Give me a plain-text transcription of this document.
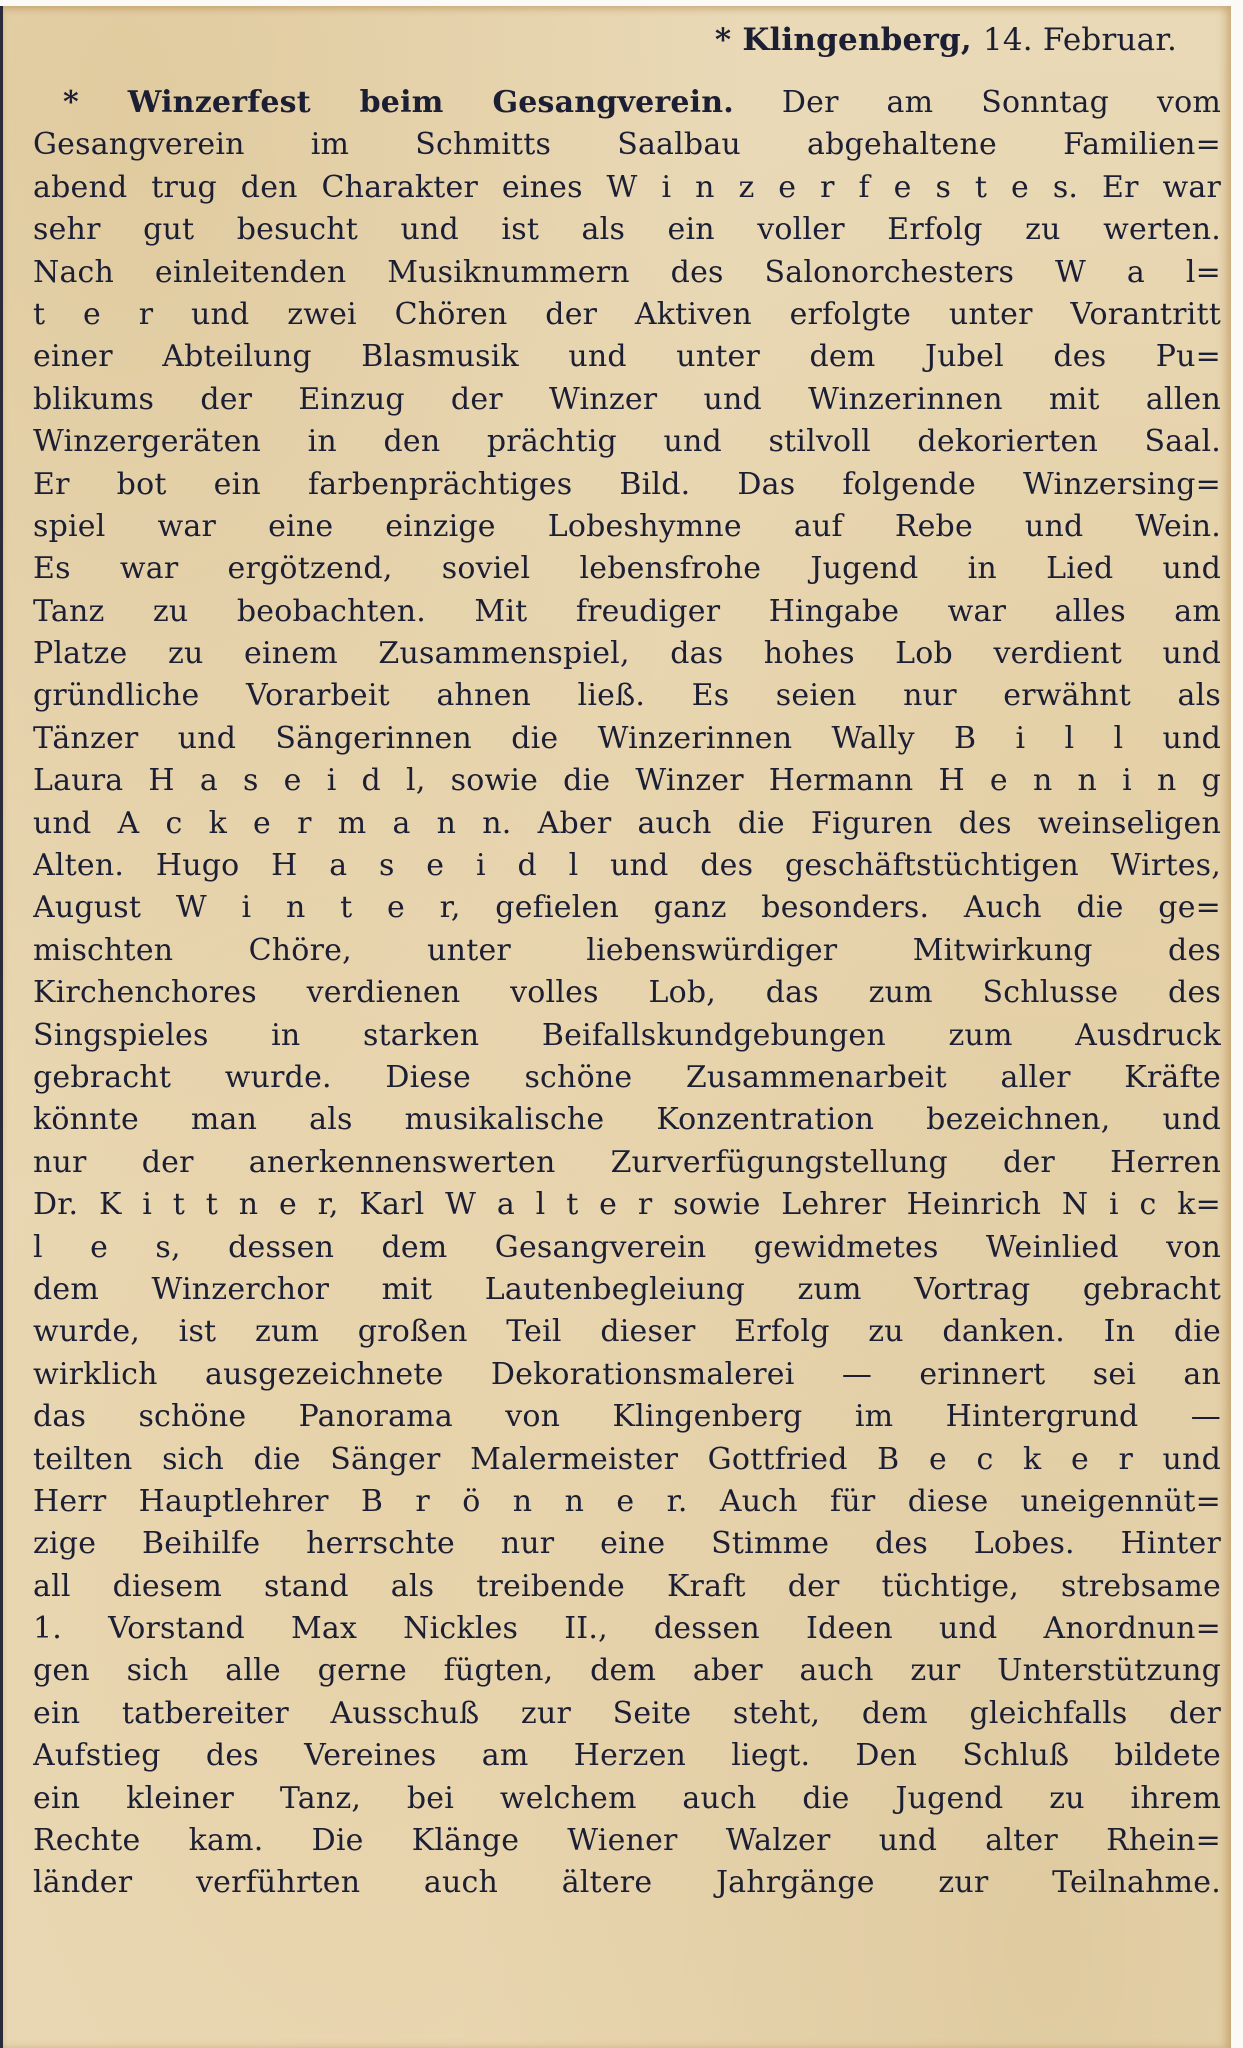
* Klingenberg, 14. Februar.
* Winzerfest beim Gesangverein. Der am Sonntag vom
Gesangverein im Schmitts Saalbau abgehaltene Familien=
abend trug den Charakter eines W i n z e r f e s t e s. Er war
sehr gut besucht und ist als ein voller Erfolg zu werten.
Nach einleitenden Musiknummern des Salonorchesters W a l=
t e r und zwei Chören der Aktiven erfolgte unter Vorantritt
einer Abteilung Blasmusik und unter dem Jubel des Pu=
blikums der Einzug der Winzer und Winzerinnen mit allen
Winzergeräten in den prächtig und stilvoll dekorierten Saal.
Er bot ein farbenprächtiges Bild. Das folgende Winzersing=
spiel war eine einzige Lobeshymne auf Rebe und Wein.
Es war ergötzend, soviel lebensfrohe Jugend in Lied und
Tanz zu beobachten. Mit freudiger Hingabe war alles am
Platze zu einem Zusammenspiel, das hohes Lob verdient und
gründliche Vorarbeit ahnen ließ. Es seien nur erwähnt als
Tänzer und Sängerinnen die Winzerinnen Wally B i l l und
Laura H a s e i d l, sowie die Winzer Hermann H e n n i n g
und A c k e r m a n n. Aber auch die Figuren des weinseligen
Alten. Hugo H a s e i d l und des geschäftstüchtigen Wirtes,
August W i n t e r, gefielen ganz besonders. Auch die ge=
mischten Chöre, unter liebenswürdiger Mitwirkung des
Kirchenchores verdienen volles Lob, das zum Schlusse des
Singspieles in starken Beifallskundgebungen zum Ausdruck
gebracht wurde. Diese schöne Zusammenarbeit aller Kräfte
könnte man als musikalische Konzentration bezeichnen, und
nur der anerkennenswerten Zurverfügungstellung der Herren
Dr. K i t t n e r, Karl W a l t e r sowie Lehrer Heinrich N i c k=
l e s, dessen dem Gesangverein gewidmetes Weinlied von
dem Winzerchor mit Lautenbegleiung zum Vortrag gebracht
wurde, ist zum großen Teil dieser Erfolg zu danken. In die
wirklich ausgezeichnete Dekorationsmalerei — erinnert sei an
das schöne Panorama von Klingenberg im Hintergrund —
teilten sich die Sänger Malermeister Gottfried B e c k e r und
Herr Hauptlehrer B r ö n n e r. Auch für diese uneigennüt=
zige Beihilfe herrschte nur eine Stimme des Lobes. Hinter
all diesem stand als treibende Kraft der tüchtige, strebsame
1. Vorstand Max Nickles II., dessen Ideen und Anordnun=
gen sich alle gerne fügten, dem aber auch zur Unterstützung
ein tatbereiter Ausschuß zur Seite steht, dem gleichfalls der
Aufstieg des Vereines am Herzen liegt. Den Schluß bildete
ein kleiner Tanz, bei welchem auch die Jugend zu ihrem
Rechte kam. Die Klänge Wiener Walzer und alter Rhein=
länder verführten auch ältere Jahrgänge zur Teilnahme.
